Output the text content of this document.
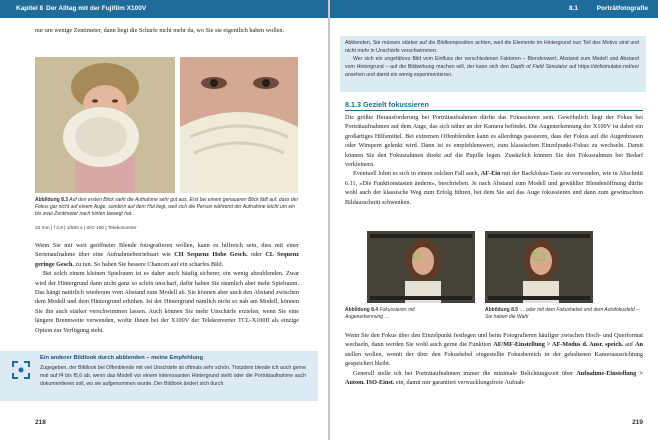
Kapitel 8 Der Alltag mit der Fujifilm X100V

nur um wenige Zentimeter, dann liegt die Schärfe nicht mehr da, wo Sie sie eigentlich haben wollen.

Abbildung 8.3 Auf den ersten Blick sieht die Aufnahme sehr gut aus. Erst bei einem genaueren Blick fällt auf, dass der Fokus gar nicht auf einem Auge, sondern auf dem Hut liegt, weil sich die Person während der Aufnahme leicht um ein bis zwei Zentimeter nach hinten bewegt hat.
33 mm | f 2,8 | 1/500 s | ISO 160 | Telekonverter

Wenn Sie mit weit geöffneter Blende fotografieren wollen, kann es hilfreich sein, dies mit einer Serienaufnahme über eine Aufnahmebetriebsart wie CH Sequenz Hohe Gesch. oder CL Sequenz geringe Gesch. zu tun. So haben Sie bessere Chancen auf ein scharfes Bild.

Bei solch einem kleinen Spielraum ist es daher auch häufig sicherer, ein wenig abzublenden. Zwar wird der Hintergrund dann nicht ganz so schön unscharf, dafür haben Sie räumlich aber mehr Spielraum. Das hängt natürlich wiederum vom Abstand zum Modell ab. Sie können aber auch den Abstand zwischen dem Modell und dem Hintergrund erhöhen. Ist der Hintergrund nämlich nicht so nah am Modell, können Sie ihn auch stärker verschwimmen lassen. Auch können Sie mehr Unschärfe erzielen, wenn Sie eine längere Brennweite verwenden, wofür Ihnen bei der X100V der Telekonverter TCL-X100II als einzige Option zur Verfügung steht.

Ein anderer Bildlook durch abblenden – meine Empfehlung
Zugegeben, der Bildlook bei Offenblende mit viel Unschärfe ist oftmals sehr schön. Trotzdem blende ich auch gerne mal auf f4 bis f5,6 ab, wenn das Modell vor einem interessanten Hintergrund steht oder die Porträtaufnahme auch dokumentieren soll, wo sie aufgenommen wurde. Der Bildlook ändert sich durch
218
Porträtfotografie
8.1
Abblenden, Sie müssen stärker auf die Bildkomposition achten, weil die Elemente im Hintergrund nun Teil des Motivs sind und nicht mehr in Unschärfe verschwimmen.
Wer sich ein ungefähres Bild vom Einfluss der verschiedenen Faktoren – Blendenwert, Abstand zum Modell und Abstand vom Hintergrund – auf die Bildwirkung machen will, der kann sich den Depth of Field Simulator auf https://dofsimulator.net/en/ ansehen und damit ein wenig experimentieren.
8.1.3 Gezielt fokussieren

Die größte Herausforderung bei Porträtaufnahmen dürfte das Fokussieren sein. Gewöhnlich liegt der Fokus bei Porträtaufnahmen auf dem Auge, das sich näher an der Kamera befindet. Die Augenerkennung der X100V ist dabei ein großartiges Hilfsmittel. Bei extremen Offenblenden kann es allerdings passieren, dass der Fokus auf die Augenbrauen oder Wimpern gelenkt wird. Dann ist es empfehlenswert, zum klassischen Einzelpunkt-Fokus zu wechseln. Damit können Sie den Fokusrahmen direkt auf die Pupille legen. Zusätzlich können Sie den Fokusrahmen bei Bedarf verkleinern.

Eventuell lohnt es sich in einem solchen Fall auch, AF-Ein mit der Backfokus-Taste zu verwenden, wie in Abschnitt 6.11, »Die Funktionstasten ändern«, beschrieben. Je nach Abstand zum Modell und gewählter Blendenöffnung dürfte wohl auch der klassische Weg zum Erfolg führen, bei dem Sie auf das Auge fokussieren und dann zum gewünschten Bildausschnitt schwenken.

Abbildung 8.4 Fokussieren mit Augenerkennung …
Abbildung 8.5 … oder mit dem Fokushebel und dem Autofokusfeld – Sie haben die Wahl

Wenn Sie den Fokus über den Einzelpunkt festlegen und beim Fotografieren häufiger zwischen Hoch- und Querformat wechseln, dann werden Sie wohl auch gerne die Funktion AF/MF-Einstellung > AF-Modus d. Ausr. speich. auf An stellen wollen, womit der über den Fokushebel eingestellte Fokusbereich in der gehaltenen Kameraausrichtung gespeichert bleibt.

Generell stelle ich bei Porträtaufnahmen immer die minimale Belichtungszeit über Aufnahme-Einstellung > Autom. ISO-Einst. ein, damit mir garantiert verwacklungsfreie Aufnah-

219
